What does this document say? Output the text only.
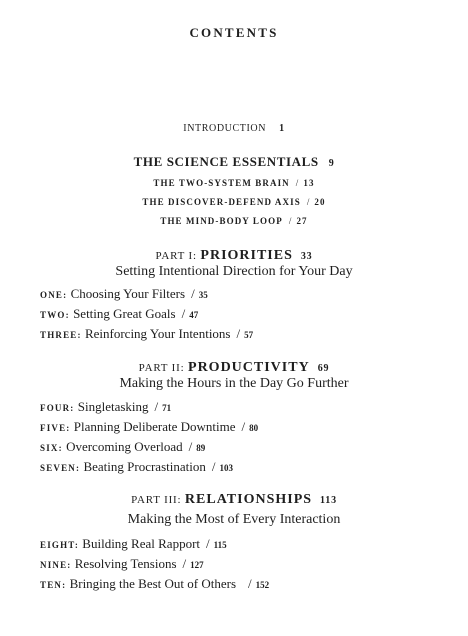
CONTENTS
INTRODUCTION 1
THE SCIENCE ESSENTIALS 9
THE TWO-SYSTEM BRAIN / 13
THE DISCOVER-DEFEND AXIS / 20
THE MIND-BODY LOOP / 27
PART I: PRIORITIES 33
Setting Intentional Direction for Your Day
ONE: Choosing Your Filters / 35
TWO: Setting Great Goals / 47
THREE: Reinforcing Your Intentions / 57
PART II: PRODUCTIVITY 69
Making the Hours in the Day Go Further
FOUR: Singletasking / 71
FIVE: Planning Deliberate Downtime / 80
SIX: Overcoming Overload / 89
SEVEN: Beating Procrastination / 103
PART III: RELATIONSHIPS 113
Making the Most of Every Interaction
EIGHT: Building Real Rapport / 115
NINE: Resolving Tensions / 127
TEN: Bringing the Best Out of Others / 152
